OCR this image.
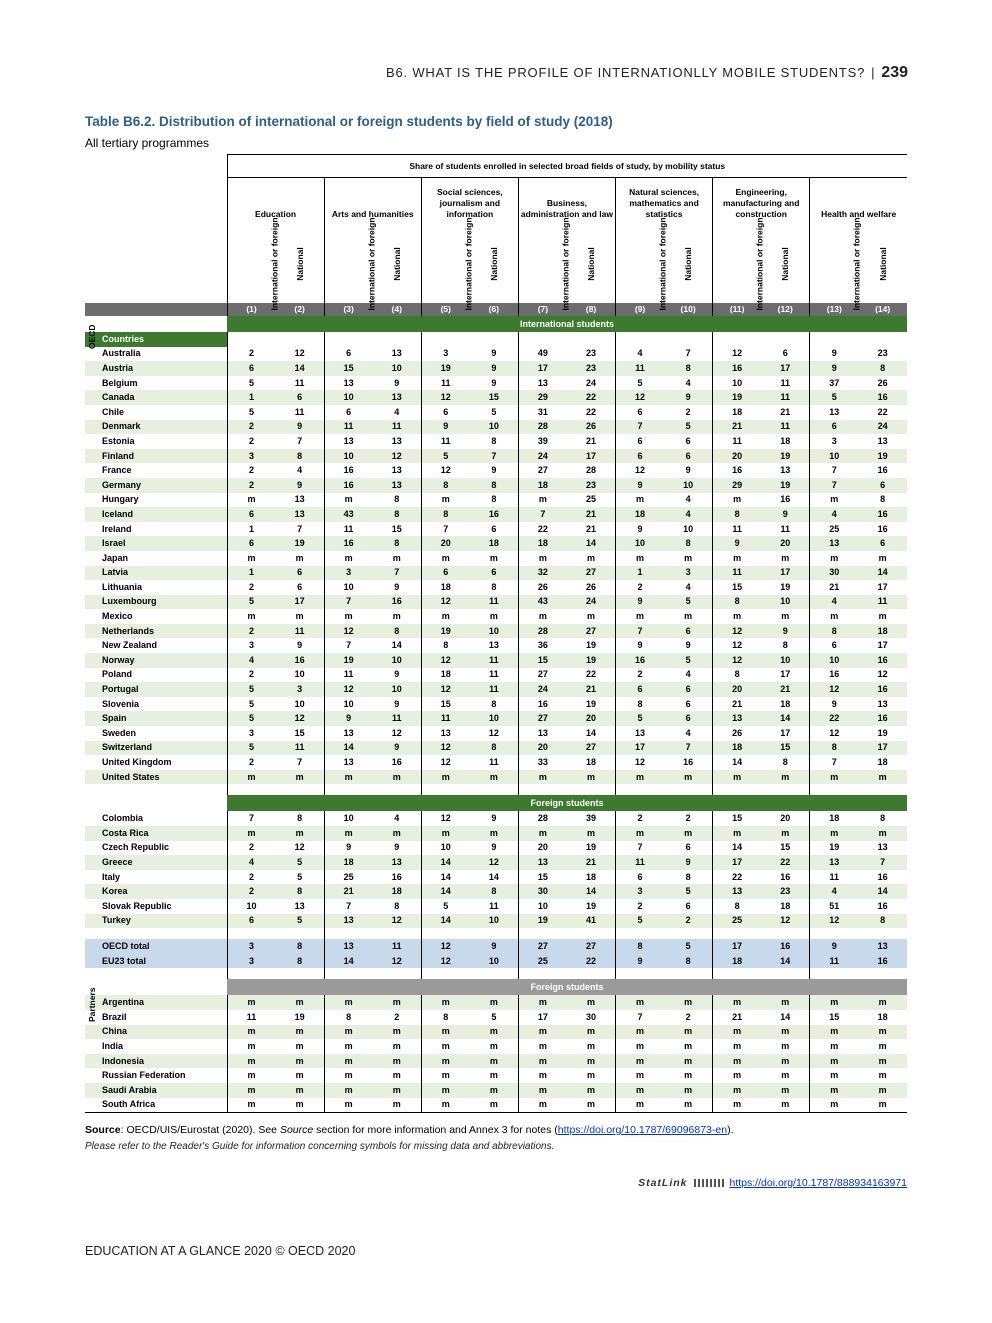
B6. WHAT IS THE PROFILE OF INTERNATIONLLY MOBILE STUDENTS? | 239
Table B6.2. Distribution of international or foreign students by field of study (2018)
All tertiary programmes
	Share of students enrolled in selected broad fields of study, by mobility status													
	Education		Arts and humanities		Social sciences, journalism and information		Business, administration and law		Natural sciences, mathematics and statistics		Engineering, manufacturing and construction		Health and welfare	
	International or foreign	National	International or foreign	National	International or foreign	National	International or foreign	National	International or foreign	National	International or foreign	National	International or foreign	National
	(1)	(2)	(3)	(4)	(5)	(6)	(7)	(8)	(9)	(10)	(11)	(12)	(13)	(14)
	International students													
Countries														
Australia	2	12	6	13	3	9	49	23	4	7	12	6	9	23
Austria	6	14	15	10	19	9	17	23	11	8	16	17	9	8
Belgium	5	11	13	9	11	9	13	24	5	4	10	11	37	26
Canada	1	6	10	13	12	15	29	22	12	9	19	11	5	16
Chile	5	11	6	4	6	5	31	22	6	2	18	21	13	22
Denmark	2	9	11	11	9	10	28	26	7	5	21	11	6	24
Estonia	2	7	13	13	11	8	39	21	6	6	11	18	3	13
Finland	3	8	10	12	5	7	24	17	6	6	20	19	10	19
France	2	4	16	13	12	9	27	28	12	9	16	13	7	16
Germany	2	9	16	13	8	8	18	23	9	10	29	19	7	6
Hungary	m	13	m	8	m	8	m	25	m	4	m	16	m	8
Iceland	6	13	43	8	8	16	7	21	18	4	8	9	4	16
Ireland	1	7	11	15	7	6	22	21	9	10	11	11	25	16
Israel	6	19	16	8	20	18	18	14	10	8	9	20	13	6
Japan	m	m	m	m	m	m	m	m	m	m	m	m	m	m
Latvia	1	6	3	7	6	6	32	27	1	3	11	17	30	14
Lithuania	2	6	10	9	18	8	26	26	2	4	15	19	21	17
Luxembourg	5	17	7	16	12	11	43	24	9	5	8	10	4	11
Mexico	m	m	m	m	m	m	m	m	m	m	m	m	m	m
Netherlands	2	11	12	8	19	10	28	27	7	6	12	9	8	18
New Zealand	3	9	7	14	8	13	36	19	9	9	12	8	6	17
Norway	4	16	19	10	12	11	15	19	16	5	12	10	10	16
Poland	2	10	11	9	18	11	27	22	2	4	8	17	16	12
Portugal	5	3	12	10	12	11	24	21	6	6	20	21	12	16
Slovenia	5	10	10	9	15	8	16	19	8	6	21	18	9	13
Spain	5	12	9	11	11	10	27	20	5	6	13	14	22	16
Sweden	3	15	13	12	13	12	13	14	13	4	26	17	12	19
Switzerland	5	11	14	9	12	8	20	27	17	7	18	15	8	17
United Kingdom	2	7	13	16	12	11	33	18	12	16	14	8	7	18
United States	m	m	m	m	m	m	m	m	m	m	m	m	m	m

	Foreign students													
Colombia	7	8	10	4	12	9	28	39	2	2	15	20	18	8
Costa Rica	m	m	m	m	m	m	m	m	m	m	m	m	m	m
Czech Republic	2	12	9	9	10	9	20	19	7	6	14	15	19	13
Greece	4	5	18	13	14	12	13	21	11	9	17	22	13	7
Italy	2	5	25	16	14	14	15	18	6	8	22	16	11	16
Korea	2	8	21	18	14	8	30	14	3	5	13	23	4	14
Slovak Republic	10	13	7	8	5	11	10	19	2	6	8	18	51	16
Turkey	6	5	13	12	14	10	19	41	5	2	25	12	12	8

OECD total	3	8	13	11	12	9	27	27	8	5	17	16	9	13
EU23 total	3	8	14	12	12	10	25	22	9	8	18	14	11	16

	Foreign students													
Argentina	m	m	m	m	m	m	m	m	m	m	m	m	m	m
Brazil	11	19	8	2	8	5	17	30	7	2	21	14	15	18
China	m	m	m	m	m	m	m	m	m	m	m	m	m	m
India	m	m	m	m	m	m	m	m	m	m	m	m	m	m
Indonesia	m	m	m	m	m	m	m	m	m	m	m	m	m	m
Russian Federation	m	m	m	m	m	m	m	m	m	m	m	m	m	m
Saudi Arabia	m	m	m	m	m	m	m	m	m	m	m	m	m	m
South Africa	m	m	m	m	m	m	m	m	m	m	m	m	m	m
Source: OECD/UIS/Eurostat (2020). See Source section for more information and Annex 3 for notes (https://doi.org/10.1787/69096873-en).
Please refer to the Reader's Guide for information concerning symbols for missing data and abbreviations.
StatLink	https://doi.org/10.1787/888934163971
EDUCATION AT A GLANCE 2020 © OECD 2020
OECD
Partners
